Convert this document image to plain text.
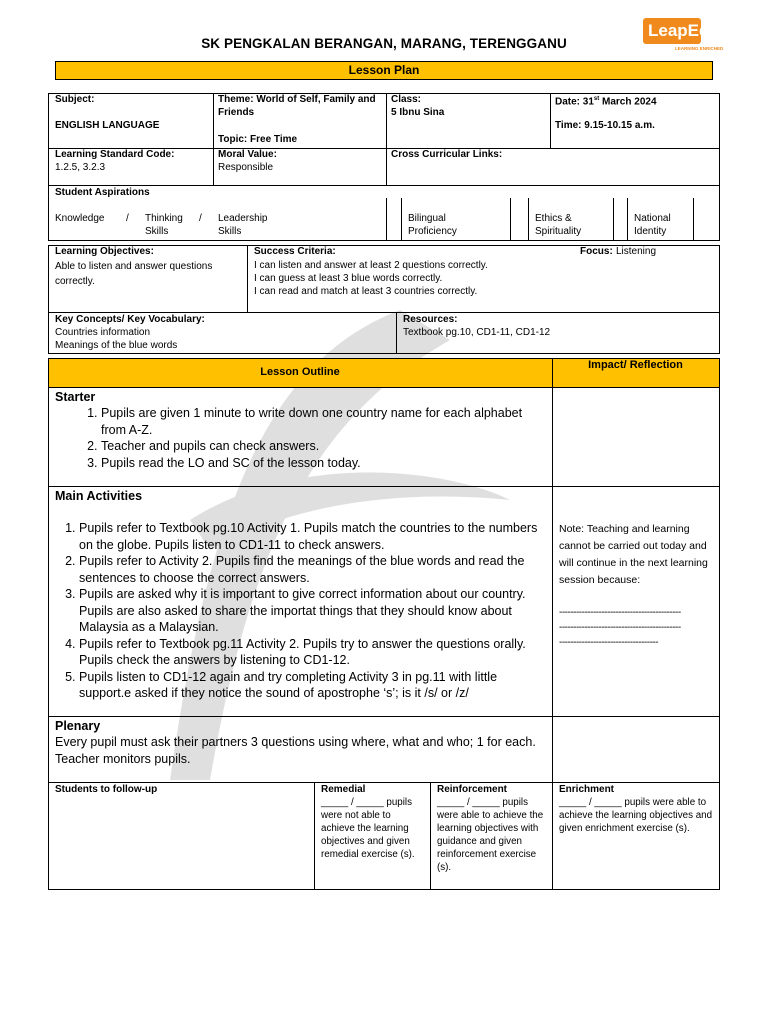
SK PENGKALAN BERANGAN, MARANG, TERENGGANU
LeapEd
LEARNING ENRICHED
Lesson Plan
Subject:
ENGLISH LANGUAGE
Theme: World of Self, Family and Friends
Topic: Free Time
Class:
5 Ibnu Sina
Date: 31st March 2024
Time: 9.15-10.15 a.m.
Learning Standard Code:
1.2.5, 3.2.3
Moral Value:
Responsible
Cross Curricular Links:
Student Aspirations
Knowledge / Thinking Skills
/ Leadership Skills
Bilingual Proficiency
Ethics & Spirituality
National Identity
Learning Objectives:
Able to listen and answer questions correctly.
Success Criteria:
I can listen and answer at least 2 questions correctly.
I can guess at least 3 blue words correctly.
I can read and match at least 3 countries correctly.
Focus: Listening
Key Concepts/ Key Vocabulary:
Countries information
Meanings of the blue words
Resources:
Textbook pg.10, CD1-11, CD1-12
Lesson Outline
Impact/ Reflection
Starter
1. Pupils are given 1 minute to write down one country name for each alphabet from A-Z.
2. Teacher and pupils can check answers.
3. Pupils read the LO and SC of the lesson today.
Main Activities
1. Pupils refer to Textbook pg.10 Activity 1. Pupils match the countries to the numbers on the globe. Pupils listen to CD1-11 to check answers.
2. Pupils refer to Activity 2. Pupils find the meanings of the blue words and read the sentences to choose the correct answers.
3. Pupils are asked why it is important to give correct information about our country. Pupils are also asked to share the importat things that they should know about Malaysia as a Malaysian.
4. Pupils refer to Textbook pg.11 Activity 2. Pupils try to answer the questions orally. Pupils check the answers by listening to CD1-12.
5. Pupils listen to CD1-12 again and try completing Activity 3 in pg.11 with little support.e asked if they notice the sound of apostrophe ‘s’; is it /s/ or /z/
Note: Teaching and learning cannot be carried out today and will continue in the next learning session because:
-------------------------------------------
-------------------------------------------
-----------------------------------
Plenary
Every pupil must ask their partners 3 questions using where, what and who; 1 for each. Teacher monitors pupils.
Students to follow-up	Remedial
_____ / _____ pupils were not able to achieve the learning objectives and given remedial exercise (s).
Reinforcement
_____ / _____ pupils were able to achieve the learning objectives with guidance and given reinforcement exercise (s).
Enrichment
_____ / _____ pupils were able to achieve the learning objectives and given enrichment exercise (s).
